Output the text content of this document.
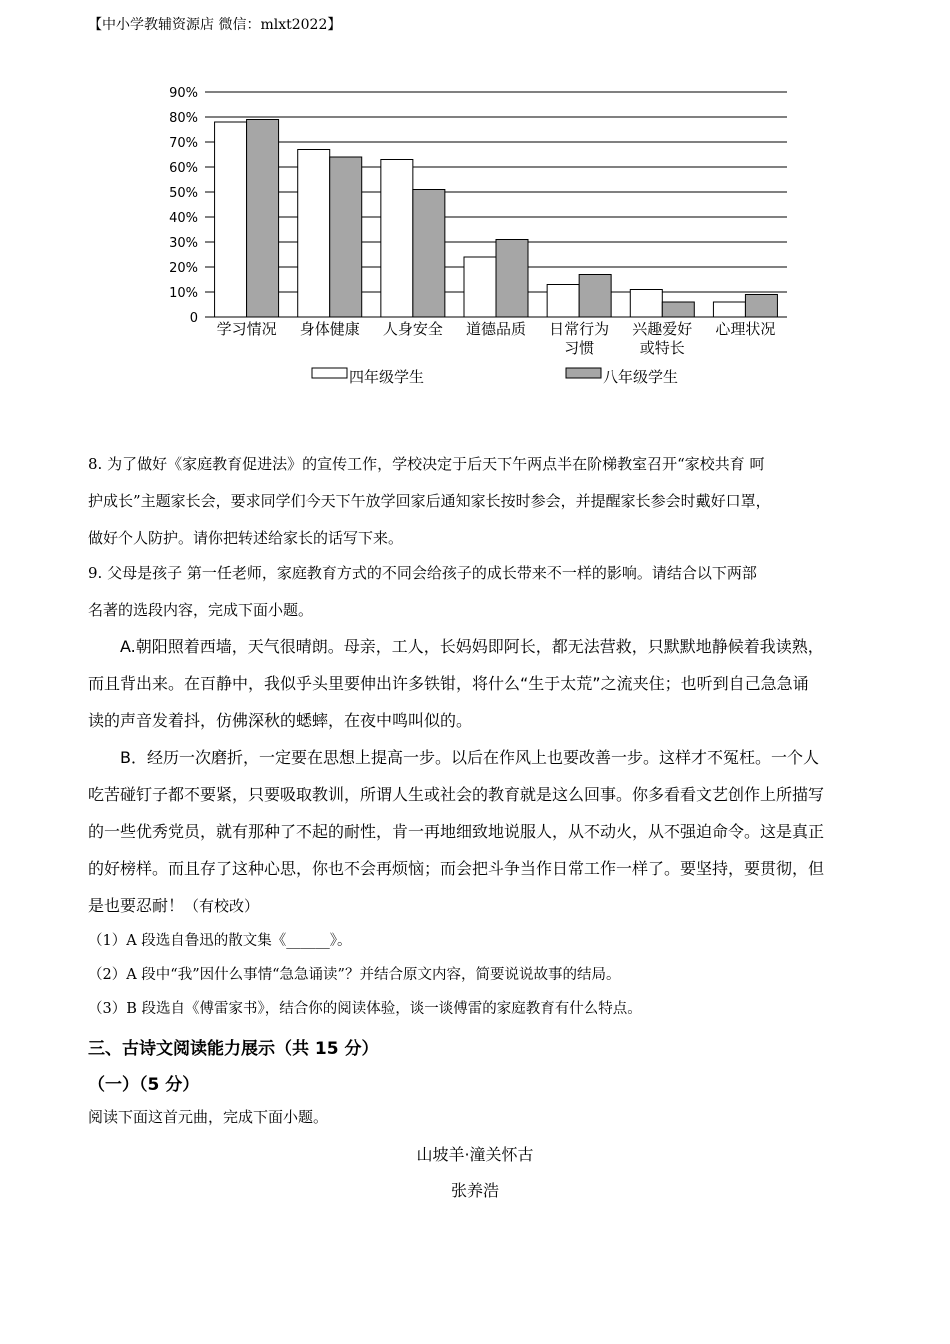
【中小学教辅资源店 微信：mlxt2022】
0
10%
20%
30%
40%
50%
60%
70%
80%
90%
学习情况 身体健康 人身安全 道德品质 日常行为
习惯
兴趣爱好
或特长
心理状况
四年级学生	八年级学生

8. 为了做好《家庭教育促进法》的宣传工作，学校决定于后天下午两点半在阶梯教室召开“家校共育 呵

护成长”主题家长会，要求同学们今天下午放学回家后通知家长按时参会，并提醒家长参会时戴好口罩，

做好个人防护。请你把转述给家长的话写下来。

9. 父母是孩子 第一任老师，家庭教育方式的不同会给孩子的成长带来不一样的影响。请结合以下两部

名著的选段内容，完成下面小题。

A.朝阳照着西墙，天气很晴朗。母亲，工人，长妈妈即阿长，都无法营救，只默默地静候着我读熟，

而且背出来。在百静中，我似乎头里要伸出许多铁钳，将什么“生于太荒”之流夹住；也听到自己急急诵

读的声音发着抖，仿佛深秋的蟋蟀，在夜中鸣叫似的。

B．经历一次磨折，一定要在思想上提高一步。以后在作风上也要改善一步。这样才不冤枉。一个人

吃苦碰钉子都不要紧，只要吸取教训，所谓人生或社会的教育就是这么回事。你多看看文艺创作上所描写

的一些优秀党员，就有那种了不起的耐性，肯一再地细致地说服人，从不动火，从不强迫命令。这是真正

的好榜样。而且存了这种心思，你也不会再烦恼；而会把斗争当作日常工作一样了。要坚持，要贯彻，但

是也要忍耐！（有校改）

（1）A 段选自鲁迅的散文集《______》。

（2）A 段中“我”因什么事情“急急诵读”？并结合原文内容，简要说说故事的结局。

（3）B 段选自《傅雷家书》，结合你的阅读体验，谈一谈傅雷的家庭教育有什么特点。

三、古诗文阅读能力展示（共 15 分）
（一）（5 分）
阅读下面这首元曲，完成下面小题。
山坡羊·潼关怀古
张养浩
